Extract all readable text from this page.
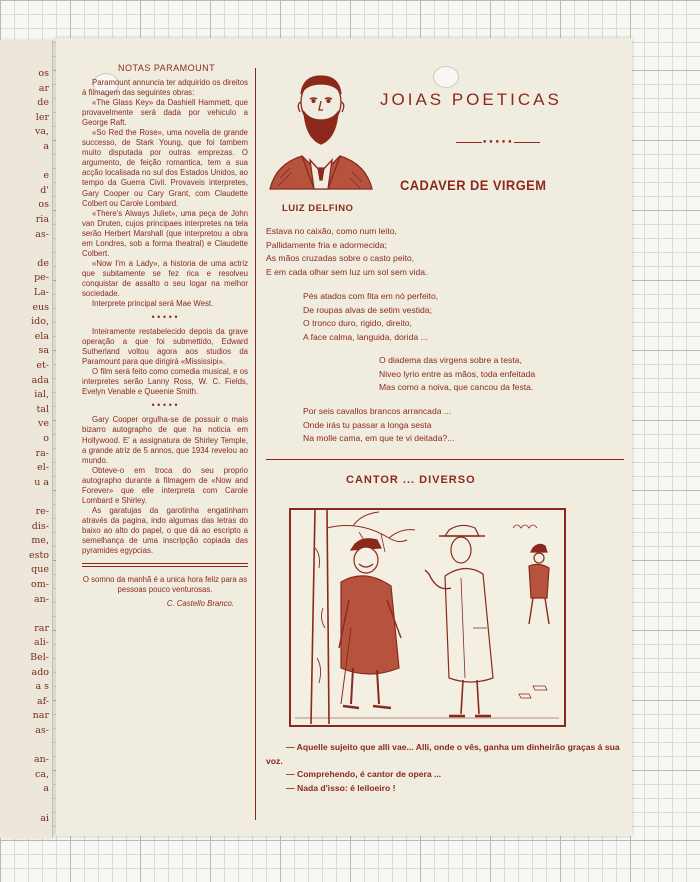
os
ar
de
ler
va,
a
e
d'
os
ria
as-
de
pe-
La-
eus
ido,
ela
sa
et-
ada
ial,
tal
ve
o
ra-
el-
u a
re-
dis-
me,
esto
que
om-
an-
rar
ali-
Bel-
ado
a s
af-
nar
as-
an-
ca,
a
ai
NOTAS PARAMOUNT

Paramount annuncia ter adquirido os direitos á filmagem das seguintes obras:

«The Glass Key» da Dashiell Hammett, que provavelmente será dada por vehiculo a George Raft.

«So Red the Rose», uma novella de grande successo, de Stark Young, que foi tambem muito disputada por outras emprezas. O argumento, de feição romantica, tem a sua acção localisada no sul dos Estados Unidos, ao tempo da Guerra Civil. Provaveis interpretes, Gary Cooper ou Cary Grant, com Claudette Colbert ou Carole Lombard.

«There's Always Juliet», uma peça de John van Druten, cujos principaes interpretes na tela serão Herbert Marshall (que interpretou a obra em Londres, sob a forma theatral) e Claudette Colbert.

«Now I'm a Lady», a historia de uma actriz que subitamente se fez rica e resolveu conquistar de assalto o seu logar na melhor sociedade.

Interprete principal será Mae West.

•••••

Inteiramente restabelecido depois da grave operação a que foi submettido, Edward Sutherland voltou agora aos studios da Paramount para que dirigirá «Mississipi».

O film será feito como comedia musical, e os interpretes serão Lanny Ross, W. C. Fields, Evelyn Venable e Queenie Smith.

•••••

Gary Cooper orgulha-se de possuir o mais bizarro autographo de que ha noticia em Hollywood. E' a assignatura de Shirley Temple, a grande atriz de 5 annos, que 1934 revelou ao mundo.

Obteve-o em troca do seu proprio autographo durante a filmagem de «Now and Forever» que elle interpreta com Carole Lombard e Shirley.

As garatujas da garotinha engatinham através da pagina, indo algumas das letras do baixo ao alto do papel, o que dá ao escripto a semelhança de uma inscripção copiada das pyramides egypcias.

O somno da manhã é a unica hora feliz para as pessoas pouco venturosas.

C. Castello Branco.
LUIZ DELFINO
JOIAS POETICAS
•••••
CADAVER DE VIRGEM
Estava no caixão, como num leito,
Pallidamente fria e adormecida;
As mãos cruzadas sobre o casto peito,
E em cada olhar sem luz um sol sem vida.
Pés atados com fita em nó perfeito,
De roupas alvas de setim vestida;
O tronco duro, rigido, direito,
A face calma, languida, dorida ...
O diadema das virgens sobre a testa,
Niveo lyrio entre as mãos, toda enfeitada
Mas como a noiva, que cancou da festa.
Por seis cavallos brancos arrancada ...
Onde irás tu passar a longa sesta
Na molle cama, em que te vi deitada?...
CANTOR ... DIVERSO
— Aquelle sujeito que alli vae... Alli, onde o vês, ganha um dinheirão graças á sua voz.
— Comprehendo, é cantor de opera ...
— Nada d'isso: é leiloeiro !
